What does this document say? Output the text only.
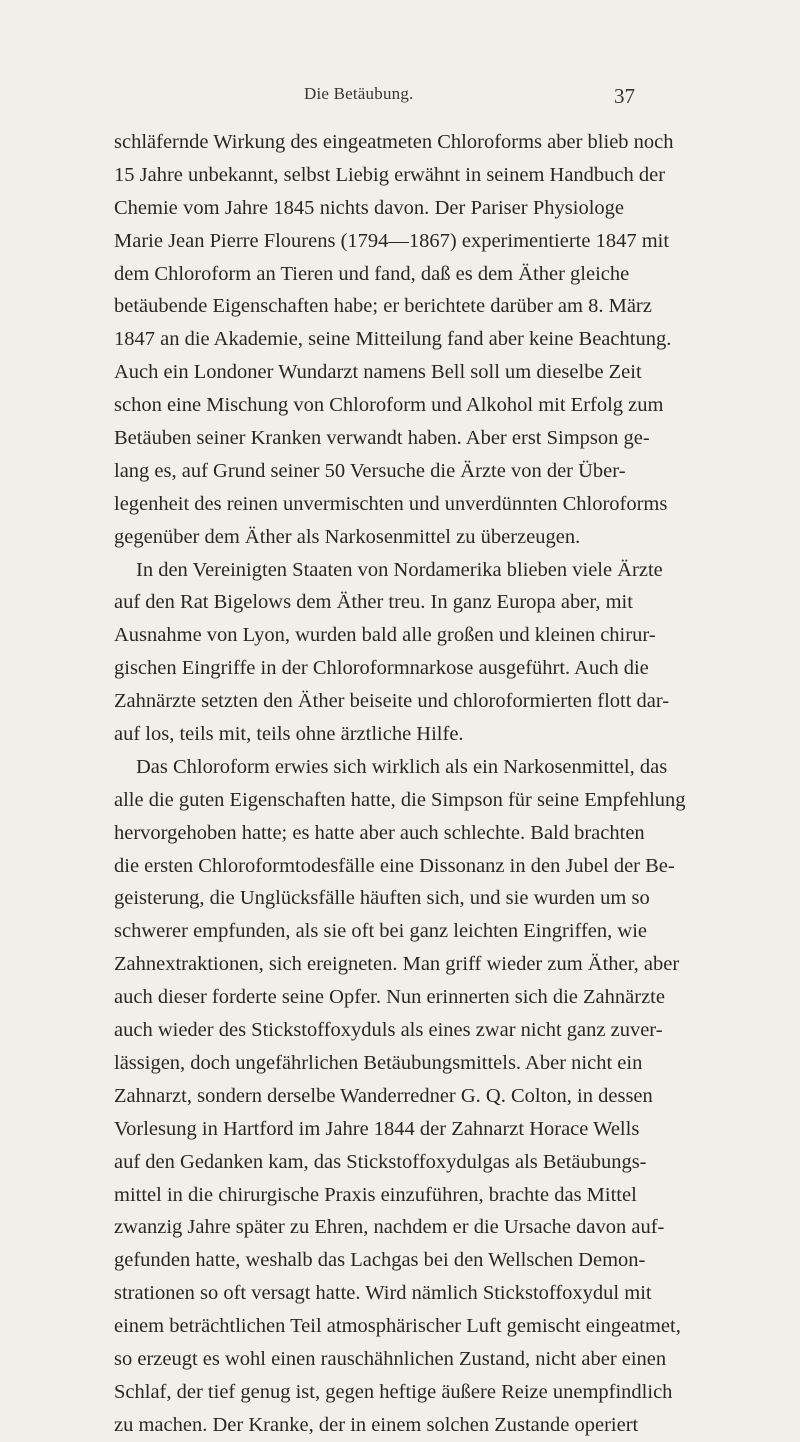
Die Betäubung.	37
schläfernde Wirkung des eingeatmeten Chloroforms aber blieb noch
15 Jahre unbekannt, selbst Liebig erwähnt in seinem Handbuch der
Chemie vom Jahre 1845 nichts davon. Der Pariser Physiologe
Marie Jean Pierre Flourens (1794—1867) experimentierte 1847 mit
dem Chloroform an Tieren und fand, daß es dem Äther gleiche
betäubende Eigenschaften habe; er berichtete darüber am 8. März
1847 an die Akademie, seine Mitteilung fand aber keine Beachtung.
Auch ein Londoner Wundarzt namens Bell soll um dieselbe Zeit
schon eine Mischung von Chloroform und Alkohol mit Erfolg zum
Betäuben seiner Kranken verwandt haben. Aber erst Simpson ge-
lang es, auf Grund seiner 50 Versuche die Ärzte von der Über-
legenheit des reinen unvermischten und unverdünnten Chloroforms
gegenüber dem Äther als Narkosenmittel zu überzeugen.
In den Vereinigten Staaten von Nordamerika blieben viele Ärzte
auf den Rat Bigelows dem Äther treu. In ganz Europa aber, mit
Ausnahme von Lyon, wurden bald alle großen und kleinen chirur-
gischen Eingriffe in der Chloroformnarkose ausgeführt. Auch die
Zahnärzte setzten den Äther beiseite und chloroformierten flott dar-
auf los, teils mit, teils ohne ärztliche Hilfe.
Das Chloroform erwies sich wirklich als ein Narkosenmittel, das
alle die guten Eigenschaften hatte, die Simpson für seine Empfehlung
hervorgehoben hatte; es hatte aber auch schlechte. Bald brachten
die ersten Chloroformtodesfälle eine Dissonanz in den Jubel der Be-
geisterung, die Unglücksfälle häuften sich, und sie wurden um so
schwerer empfunden, als sie oft bei ganz leichten Eingriffen, wie
Zahnextraktionen, sich ereigneten. Man griff wieder zum Äther, aber
auch dieser forderte seine Opfer. Nun erinnerten sich die Zahnärzte
auch wieder des Stickstoffoxyduls als eines zwar nicht ganz zuver-
lässigen, doch ungefährlichen Betäubungsmittels. Aber nicht ein
Zahnarzt, sondern derselbe Wanderredner G. Q. Colton, in dessen
Vorlesung in Hartford im Jahre 1844 der Zahnarzt Horace Wells
auf den Gedanken kam, das Stickstoffoxydulgas als Betäubungs-
mittel in die chirurgische Praxis einzuführen, brachte das Mittel
zwanzig Jahre später zu Ehren, nachdem er die Ursache davon auf-
gefunden hatte, weshalb das Lachgas bei den Wellschen Demon-
strationen so oft versagt hatte. Wird nämlich Stickstoffoxydul mit
einem beträchtlichen Teil atmosphärischer Luft gemischt eingeatmet,
so erzeugt es wohl einen rauschähnlichen Zustand, nicht aber einen
Schlaf, der tief genug ist, gegen heftige äußere Reize unempfindlich
zu machen. Der Kranke, der in einem solchen Zustande operiert
